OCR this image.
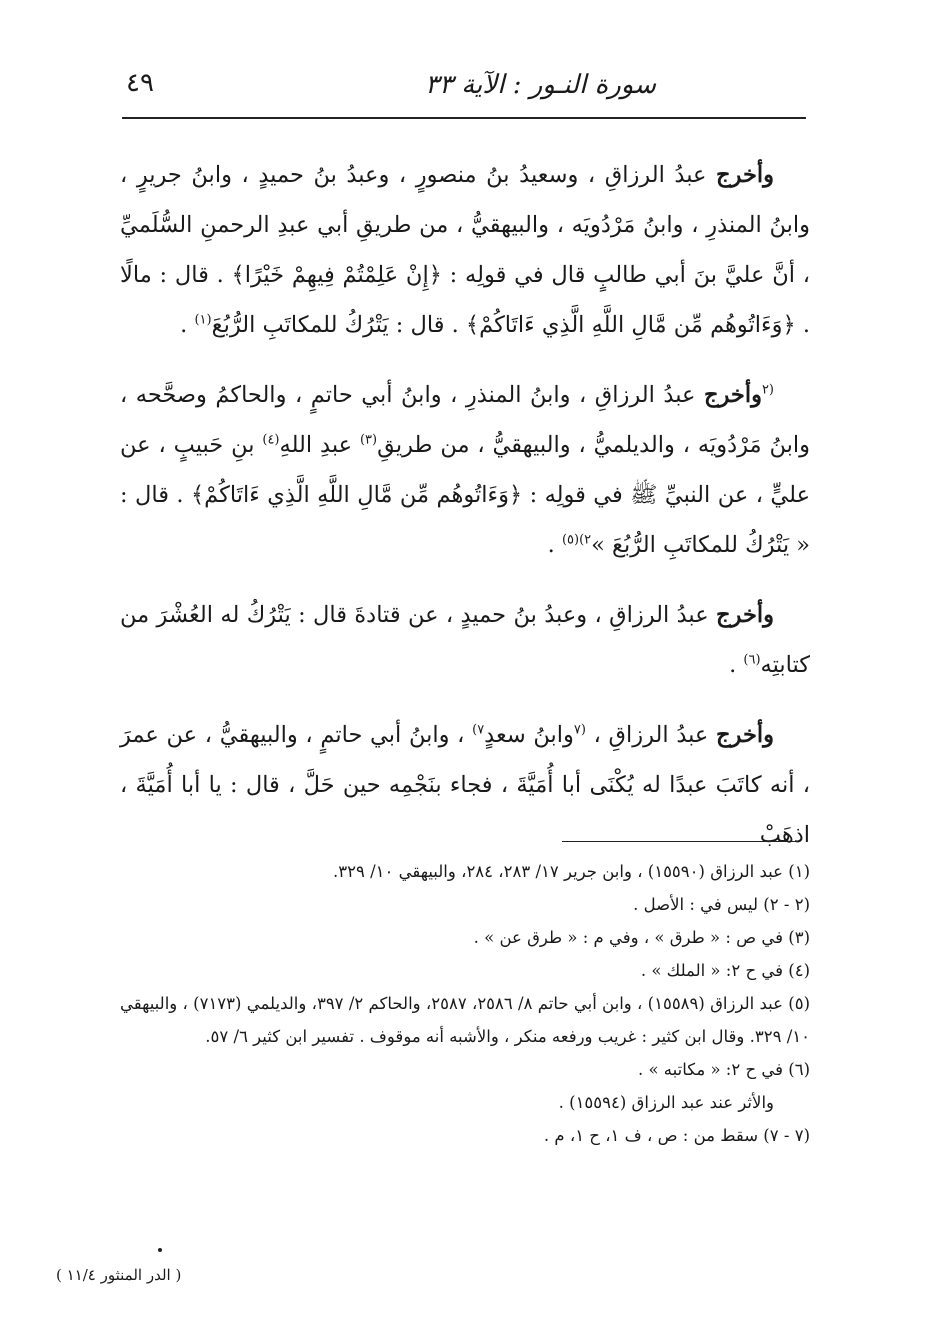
سورة النـور : الآية ٣٣
٤٩

وأخرج عبدُ الرزاقِ ، وسعيدُ بنُ منصورٍ ، وعبدُ بنُ حميدٍ ، وابنُ جريرٍ ، وابنُ المنذرِ ، وابنُ مَرْدُويَه ، والبيهقيُّ ، من طريقِ أبي عبدِ الرحمنِ السُّلَميِّ ، أنَّ عليَّ بنَ أبي طالبٍ قال في قولِه : ﴿إِنْ عَلِمْتُمْ فِيهِمْ خَيْرًا﴾ . قال : مالًا . ﴿وَءَاتُوهُم مِّن مَّالِ اللَّهِ الَّذِي ءَاتَاكُمْ﴾ . قال : يَتْرُكُ للمكاتَبِ الرُّبُعَ$^{(١)}$ .

$^{(٢}$وأخرج عبدُ الرزاقِ ، وابنُ المنذرِ ، وابنُ أبي حاتمٍ ، والحاكمُ وصحَّحه ، وابنُ مَرْدُويَه ، والديلميُّ ، والبيهقيُّ ، من طريقِ$^{(٣)}$ عبدِ اللهِ$^{(٤)}$ بنِ حَبيبٍ ، عن عليٍّ ، عن النبيِّ ﷺ في قولِه : ﴿وَءَاتُوهُم مِّن مَّالِ اللَّهِ الَّذِي ءَاتَاكُمْ﴾ . قال : « يَتْرُكُ للمكاتَبِ الرُّبُعَ »$^{٢)(٥)}$ .

وأخرج عبدُ الرزاقِ ، وعبدُ بنُ حميدٍ ، عن قتادةَ قال : يَتْرُكُ له العُشْرَ من كتابتِه$^{(٦)}$ .

وأخرج عبدُ الرزاقِ ، $^{(٧}$وابنُ سعدٍ$^{٧)}$ ، وابنُ أبي حاتمٍ ، والبيهقيُّ ، عن عمرَ ، أنه كاتَبَ عبدًا له يُكْنَى أبا أُمَيَّةَ ، فجاء بنَجْمِه حين حَلَّ ، قال : يا أبا أُمَيَّةَ ، اذهَبْ

(١) عبد الرزاق (١٥٥٩٠) ، وابن جرير ١٧/ ٢٨٣، ٢٨٤، والبيهقي ١٠/ ٣٢٩.
(٢ - ٢) ليس في : الأصل .
(٣) في ص : « طرق » ، وفي م : « طرق عن » .
(٤) في ح ٢: « الملك » .
(٥) عبد الرزاق (١٥٥٨٩) ، وابن أبي حاتم ٨/ ٢٥٨٦، ٢٥٨٧، والحاكم ٢/ ٣٩٧، والديلمي (٧١٧٣) ، والبيهقي ١٠/ ٣٢٩. وقال ابن كثير : غريب ورفعه منكر ، والأشبه أنه موقوف . تفسير ابن كثير ٦/ ٥٧.
(٦) في ح ٢: « مكاتبه » .
والأثر عند عبد الرزاق (١٥٥٩٤) .
(٧ - ٧) سقط من : ص ، ف ١، ح ١، م .
( الدر المنثور ١١/٤ )
